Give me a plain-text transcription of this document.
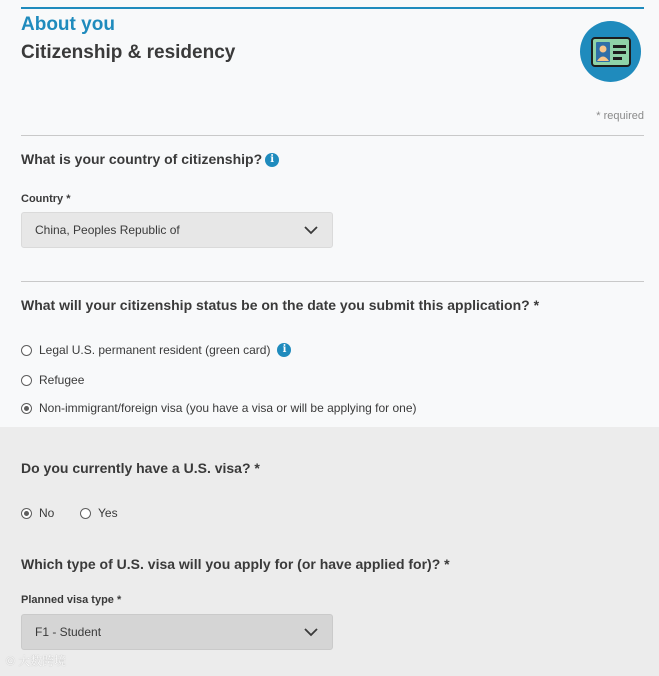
About you
Citizenship & residency
* required
What is your country of citizenship? i
Country *
China, Peoples Republic of
What will your citizenship status be on the date you submit this application? *
Legal U.S. permanent resident (green card)	i
Refugee
Non-immigrant/foreign visa (you have a visa or will be applying for one)
Do you currently have a U.S. visa? *
No	Yes
Which type of U.S. visa will you apply for (or have applied for)? *
Planned visa type *
F1 - Student
© 大数跨境
